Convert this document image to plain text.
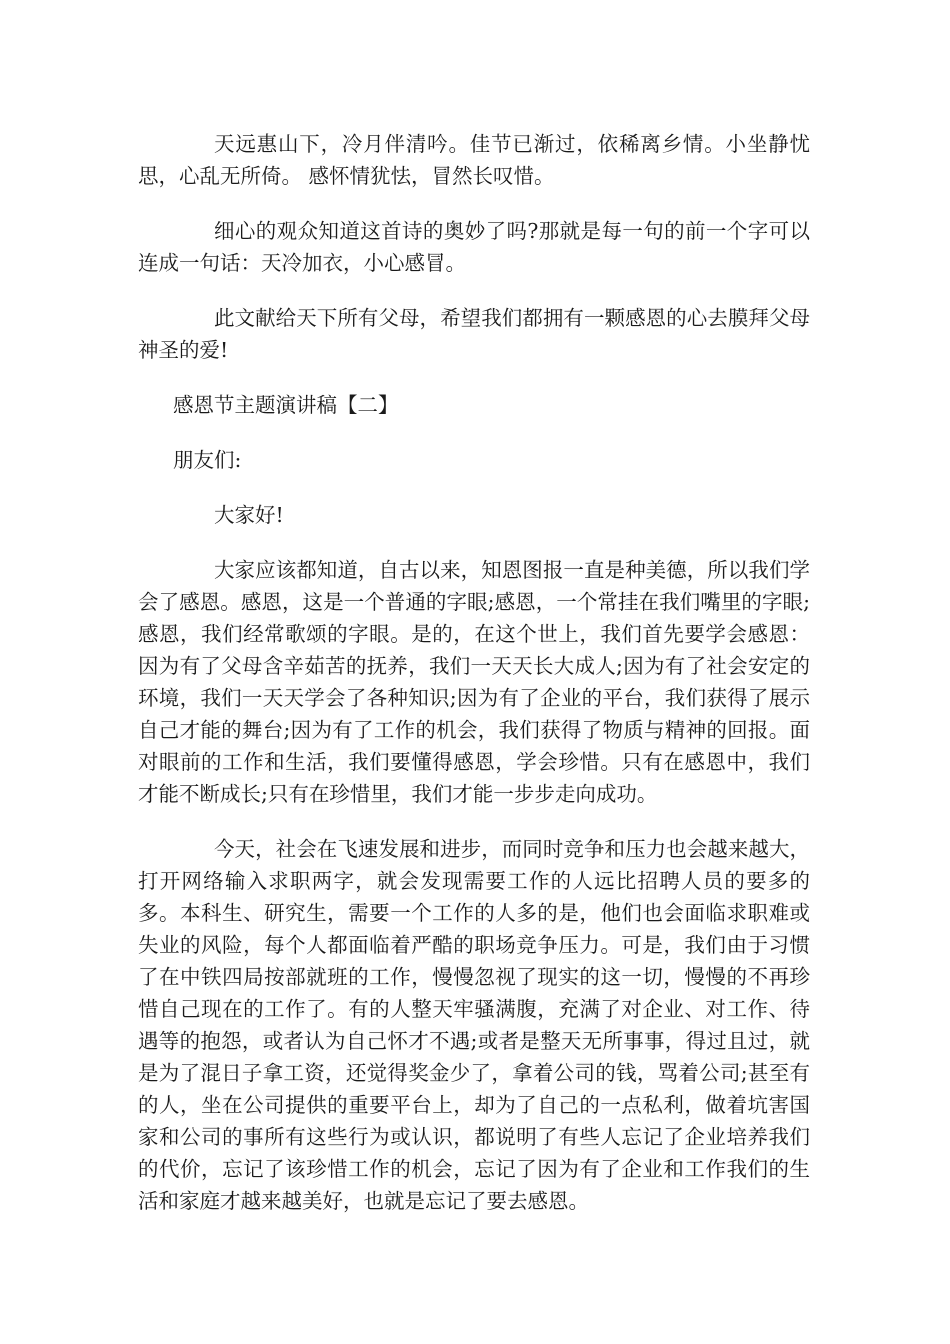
天远惠山下，冷月伴清吟。佳节已渐过，依稀离乡情。小坐静忧思，心乱无所倚。 感怀情犹怯，冒然长叹惜。

细心的观众知道这首诗的奥妙了吗?那就是每一句的前一个字可以连成一句话：天冷加衣，小心感冒。

此文献给天下所有父母，希望我们都拥有一颗感恩的心去膜拜父母神圣的爱!

感恩节主题演讲稿【二】

朋友们:

大家好!

大家应该都知道，自古以来，知恩图报一直是种美德，所以我们学会了感恩。感恩，这是一个普通的字眼;感恩，一个常挂在我们嘴里的字眼;感恩，我们经常歌颂的字眼。是的，在这个世上，我们首先要学会感恩：因为有了父母含辛茹苦的抚养，我们一天天长大成人;因为有了社会安定的环境，我们一天天学会了各种知识;因为有了企业的平台，我们获得了展示自己才能的舞台;因为有了工作的机会，我们获得了物质与精神的回报。面对眼前的工作和生活，我们要懂得感恩，学会珍惜。只有在感恩中，我们才能不断成长;只有在珍惜里，我们才能一步步走向成功。

今天，社会在飞速发展和进步，而同时竞争和压力也会越来越大，打开网络输入求职两字，就会发现需要工作的人远比招聘人员的要多的多。本科生、研究生，需要一个工作的人多的是，他们也会面临求职难或失业的风险，每个人都面临着严酷的职场竞争压力。可是，我们由于习惯了在中铁四局按部就班的工作，慢慢忽视了现实的这一切，慢慢的不再珍惜自己现在的工作了。有的人整天牢骚满腹，充满了对企业、对工作、待遇等的抱怨，或者认为自己怀才不遇;或者是整天无所事事，得过且过，就是为了混日子拿工资，还觉得奖金少了，拿着公司的钱，骂着公司;甚至有的人，坐在公司提供的重要平台上，却为了自己的一点私利，做着坑害国家和公司的事所有这些行为或认识，都说明了有些人忘记了企业培养我们的代价，忘记了该珍惜工作的机会，忘记了因为有了企业和工作我们的生活和家庭才越来越美好，也就是忘记了要去感恩。
